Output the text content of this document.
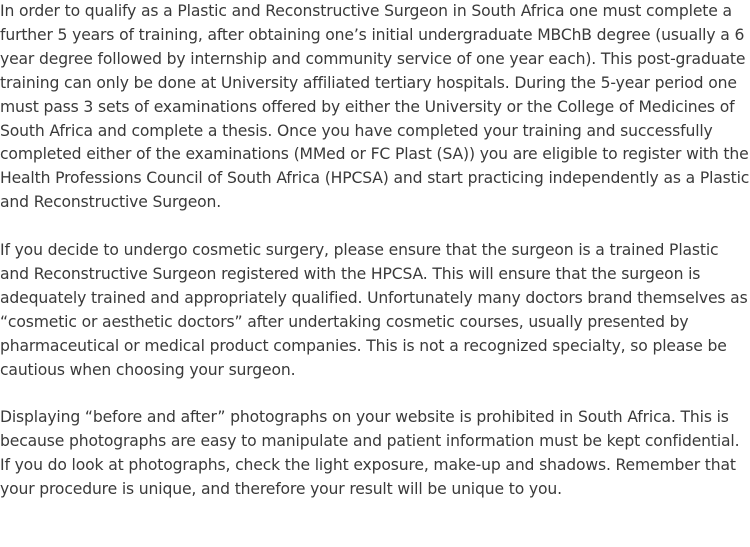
In order to qualify as a Plastic and Reconstructive Surgeon in South Africa one must complete a further 5 years of training, after obtaining one’s initial undergraduate MBChB degree (usually a 6 year degree followed by internship and community service of one year each). This post-graduate training can only be done at University affiliated tertiary hospitals. During the 5-year period one must pass 3 sets of examinations offered by either the University or the College of Medicines of South Africa and complete a thesis. Once you have completed your training and successfully completed either of the examinations (MMed or FC Plast (SA)) you are eligible to register with the Health Professions Council of South Africa (HPCSA) and start practicing independently as a Plastic and Reconstructive Surgeon.

If you decide to undergo cosmetic surgery, please ensure that the surgeon is a trained Plastic and Reconstructive Surgeon registered with the HPCSA. This will ensure that the surgeon is adequately trained and appropriately qualified. Unfortunately many doctors brand themselves as “cosmetic or aesthetic doctors” after undertaking cosmetic courses, usually presented by pharmaceutical or medical product companies. This is not a recognized specialty, so please be cautious when choosing your surgeon.

Displaying “before and after” photographs on your website is prohibited in South Africa. This is because photographs are easy to manipulate and patient information must be kept confidential. If you do look at photographs, check the light exposure, make-up and shadows. Remember that your procedure is unique, and therefore your result will be unique to you.
